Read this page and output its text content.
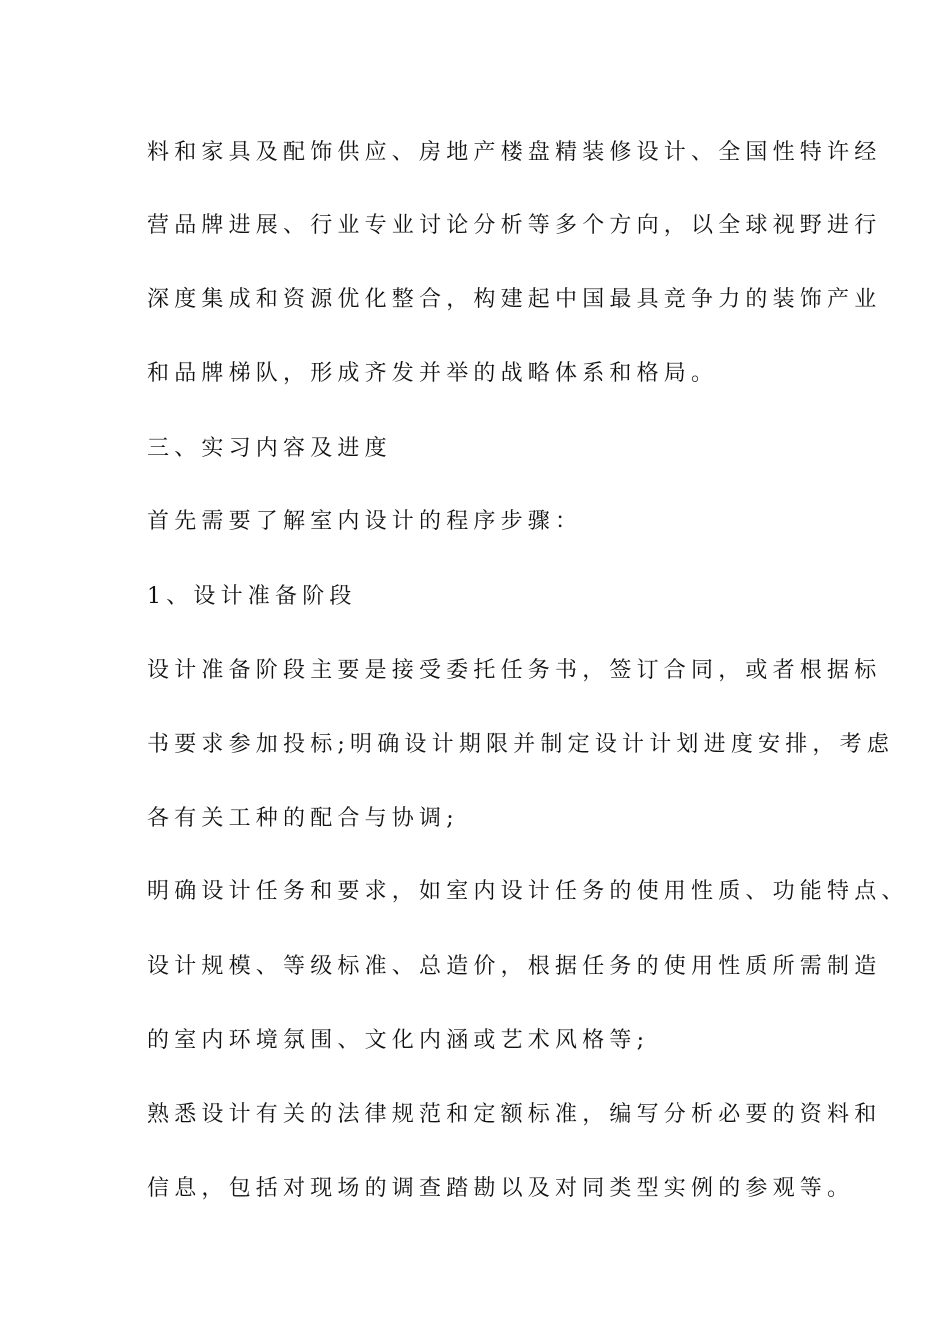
料和家具及配饰供应、房地产楼盘精装修设计、全国性特许经

营品牌进展、行业专业讨论分析等多个方向，以全球视野进行

深度集成和资源优化整合，构建起中国最具竞争力的装饰产业

和品牌梯队，形成齐发并举的战略体系和格局。

三、实习内容及进度

首先需要了解室内设计的程序步骤：

1、设计准备阶段

设计准备阶段主要是接受委托任务书，签订合同，或者根据标

书要求参加投标;明确设计期限并制定设计计划进度安排，考虑

各有关工种的配合与协调;

明确设计任务和要求，如室内设计任务的使用性质、功能特点、

设计规模、等级标准、总造价，根据任务的使用性质所需制造

的室内环境氛围、文化内涵或艺术风格等;

熟悉设计有关的法律规范和定额标准，编写分析必要的资料和

信息，包括对现场的调查踏勘以及对同类型实例的参观等。
